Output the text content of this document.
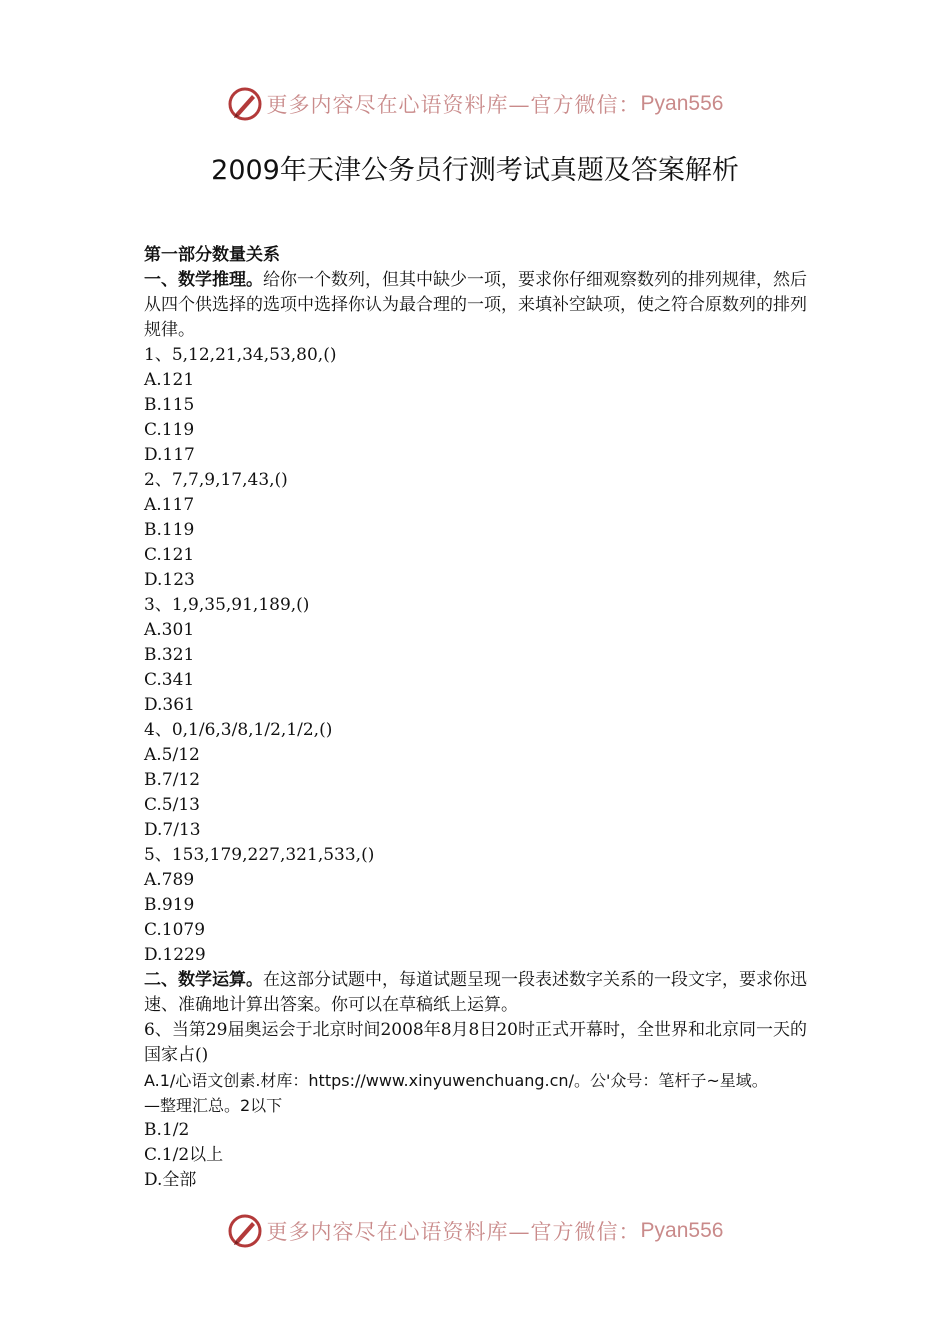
更多内容尽在心语资料库—官方微信： Pyan556
2009年天津公务员行测考试真题及答案解析
第一部分数量关系
一、数学推理。给你一个数列，但其中缺少一项，要求你仔细观察数列的排列规律，然后从四个供选择的选项中选择你认为最合理的一项，来填补空缺项，使之符合原数列的排列规律。
1、5,12,21,34,53,80,()
A.121
B.115
C.119
D.117
2、7,7,9,17,43,()
A.117
B.119
C.121
D.123
3、1,9,35,91,189,()
A.301
B.321
C.341
D.361
4、0,1/6,3/8,1/2,1/2,()
A.5/12
B.7/12
C.5/13
D.7/13
5、153,179,227,321,533,()
A.789
B.919
C.1079
D.1229
二、数学运算。在这部分试题中，每道试题呈现一段表述数字关系的一段文字，要求你迅速、准确地计算出答案。你可以在草稿纸上运算。
6、当第29届奥运会于北京时间2008年8月8日20时正式开幕时，全世界和北京同一天的国家占()
A.1/心语文创素.材库：https://www.xinyuwenchuang.cn/。公'众号：笔杆子~星域。
—整理汇总。2以下
B.1/2
C.1/2以上
D.全部
更多内容尽在心语资料库—官方微信： Pyan556
